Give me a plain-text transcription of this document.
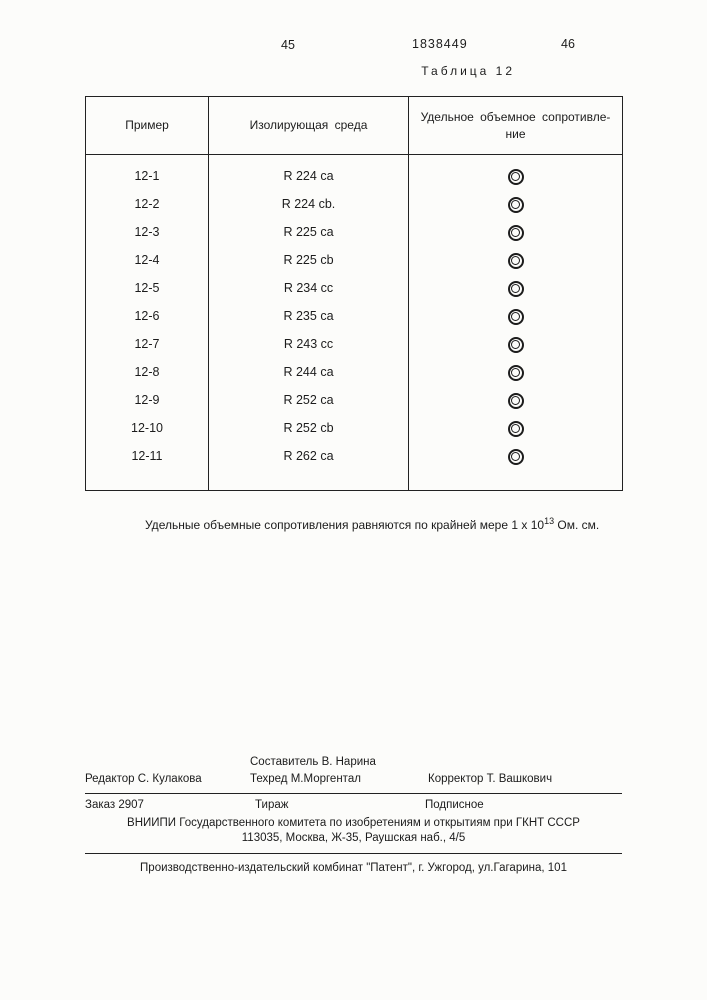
45	1838449	46
Таблица 12
Пример	Изолирующая среда	Удельное объемное сопротивле-
ние
12-1	R 224 ca	
12-2	R 224 cb.	
12-3	R 225 ca	
12-4	R 225 cb	
12-5	R 234 cc	
12-6	R 235 ca	
12-7	R 243 cc	
12-8	R 244 ca	
12-9	R 252 ca	
12-10	R 252 cb	
12-11	R 262 ca	
Удельные объемные сопротивления равняются по крайней мере 1 х $10^{13}$ Ом. см.
Составитель В. Нарина
Редактор С. Кулакова	Техред М.Моргентал	Корректор Т. Вашкович
Заказ 2907	Тираж	Подписное
ВНИИПИ Государственного комитета по изобретениям и открытиям при ГКНТ СССР
113035, Москва, Ж-35, Раушская наб., 4/5
Производственно-издательский комбинат "Патент", г. Ужгород, ул.Гагарина, 101
